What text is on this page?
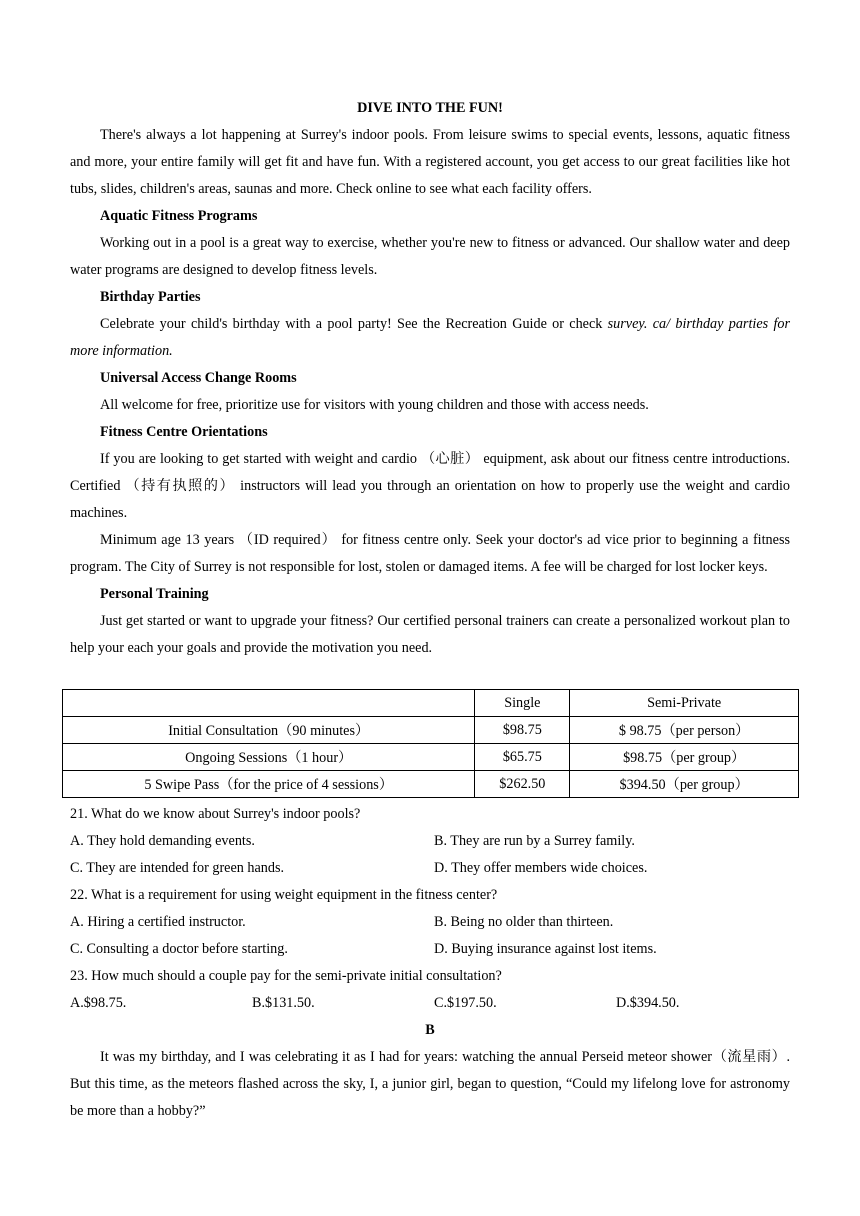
DIVE INTO THE FUN!

There's always a lot happening at Surrey's indoor pools. From leisure swims to special events, lessons, aquatic fitness and more, your entire family will get fit and have fun. With a registered account, you get access to our great facilities like hot tubs, slides, children's areas, saunas and more. Check online to see what each facility offers.

Aquatic Fitness Programs

Working out in a pool is a great way to exercise, whether you're new to fitness or advanced. Our shallow water and deep water programs are designed to develop fitness levels.

Birthday Parties

Celebrate your child's birthday with a pool party! See the Recreation Guide or check survey. ca/ birthday parties for more information.

Universal Access Change Rooms

All welcome for free, prioritize use for visitors with young children and those with access needs.

Fitness Centre Orientations

If you are looking to get started with weight and cardio （心脏） equipment, ask about our fitness centre introductions. Certified （持有执照的） instructors will lead you through an orientation on how to properly use the weight and cardio machines.

Minimum age 13 years （ID required） for fitness centre only. Seek your doctor's ad vice prior to beginning a fitness program. The City of Surrey is not responsible for lost, stolen or damaged items. A fee will be charged for lost locker keys.

Personal Training

Just get started or want to upgrade your fitness? Our certified personal trainers can create a personalized workout plan to help your each your goals and provide the motivation you need.

	Single	Semi-Private
Initial Consultation（90 minutes）	$98.75	$ 98.75（per person）
Ongoing Sessions（1 hour）	$65.75	$98.75（per group）
5 Swipe Pass（for the price of 4 sessions）	$262.50	$394.50（per group）
21. What do we know about Surrey's indoor pools?
A. They hold demanding events.	B. They are run by a Surrey family.
C. They are intended for green hands.	D. They offer members wide choices.
22. What is a requirement for using weight equipment in the fitness center?
A. Hiring a certified instructor.	B. Being no older than thirteen.
C. Consulting a doctor before starting.	D. Buying insurance against lost items.
23. How much should a couple pay for the semi-private initial consultation?
A.$98.75.	B.$131.50.	C.$197.50.	D.$394.50.
B

It was my birthday, and I was celebrating it as I had for years: watching the annual Perseid meteor shower（流星雨）. But this time, as the meteors flashed across the sky, I, a junior girl, began to question, “Could my lifelong love for astronomy be more than a hobby?”
